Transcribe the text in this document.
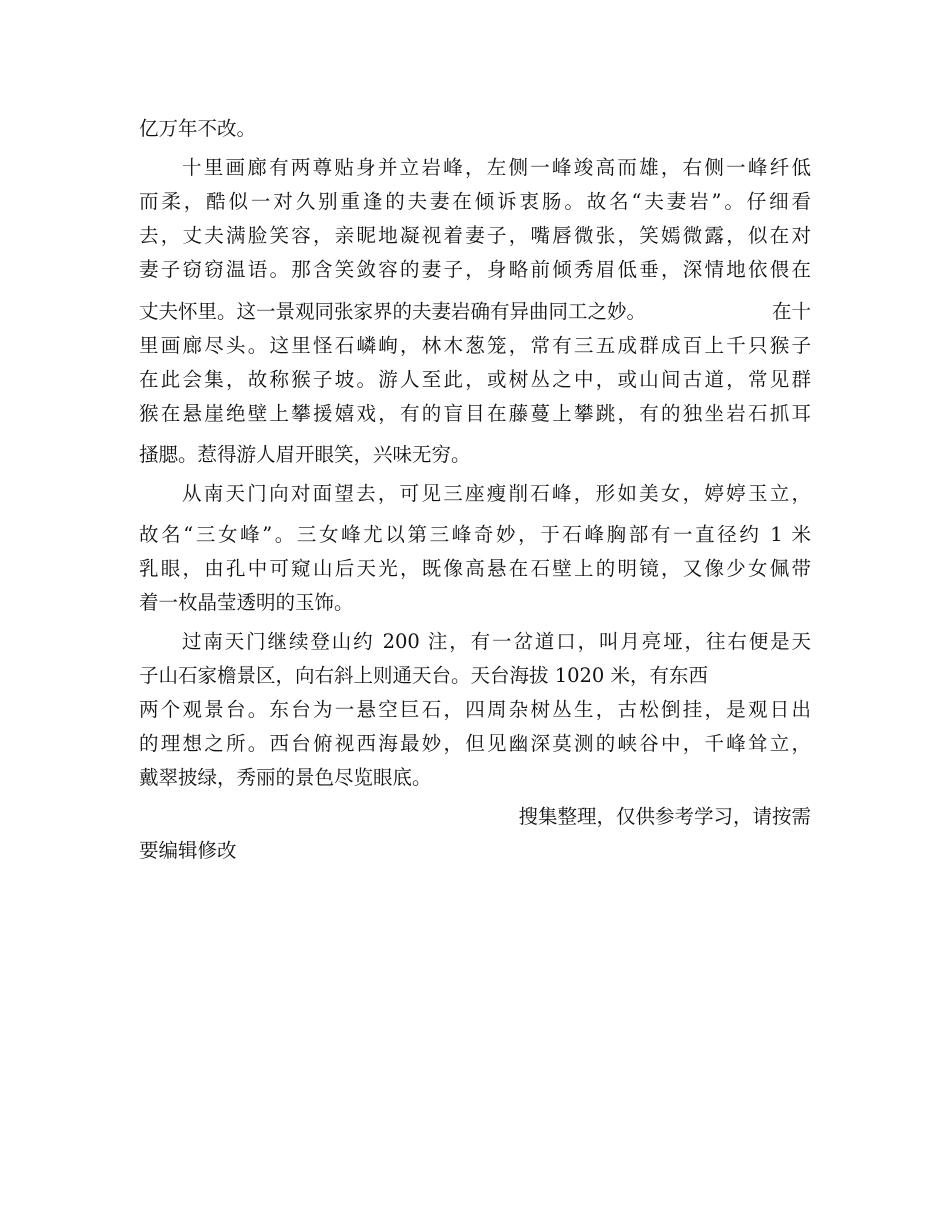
亿万年不改。
十里画廊有两尊贴身并立岩峰，左侧一峰竣高而雄，右侧一峰纤低
而柔，酷似一对久别重逢的夫妻在倾诉衷肠。故名“夫妻岩”。仔细看
去，丈夫满脸笑容，亲昵地凝视着妻子，嘴唇微张，笑嫣微露，似在对
妻子窃窃温语。那含笑敛容的妻子，身略前倾秀眉低垂，深情地依偎在
丈夫怀里。这一景观同张家界的夫妻岩确有异曲同工之妙。	在十
里画廊尽头。这里怪石嶙峋，林木葱笼，常有三五成群成百上千只猴子
在此会集，故称猴子坡。游人至此，或树丛之中，或山间古道，常见群
猴在悬崖绝壁上攀援嬉戏，有的盲目在藤蔓上攀跳，有的独坐岩石抓耳
搔腮。惹得游人眉开眼笑，兴味无穷。
从南天门向对面望去，可见三座瘦削石峰，形如美女，婷婷玉立，
故名“三女峰”。三女峰尤以第三峰奇妙，于石峰胸部有一直径约 1 米
乳眼，由孔中可窥山后天光，既像高悬在石壁上的明镜，又像少女佩带
着一枚晶莹透明的玉饰。
过南天门继续登山约 200 注，有一岔道口，叫月亮垭，往右便是天
子山石家檐景区，向右斜上则通天台。天台海拔 1020 米，有东西
两个观景台。东台为一悬空巨石，四周杂树丛生，古松倒挂，是观日出
的理想之所。西台俯视西海最妙，但见幽深莫测的峡谷中，千峰耸立，
戴翠披绿，秀丽的景色尽览眼底。
搜集整理，仅供参考学习，请按需
要编辑修改
